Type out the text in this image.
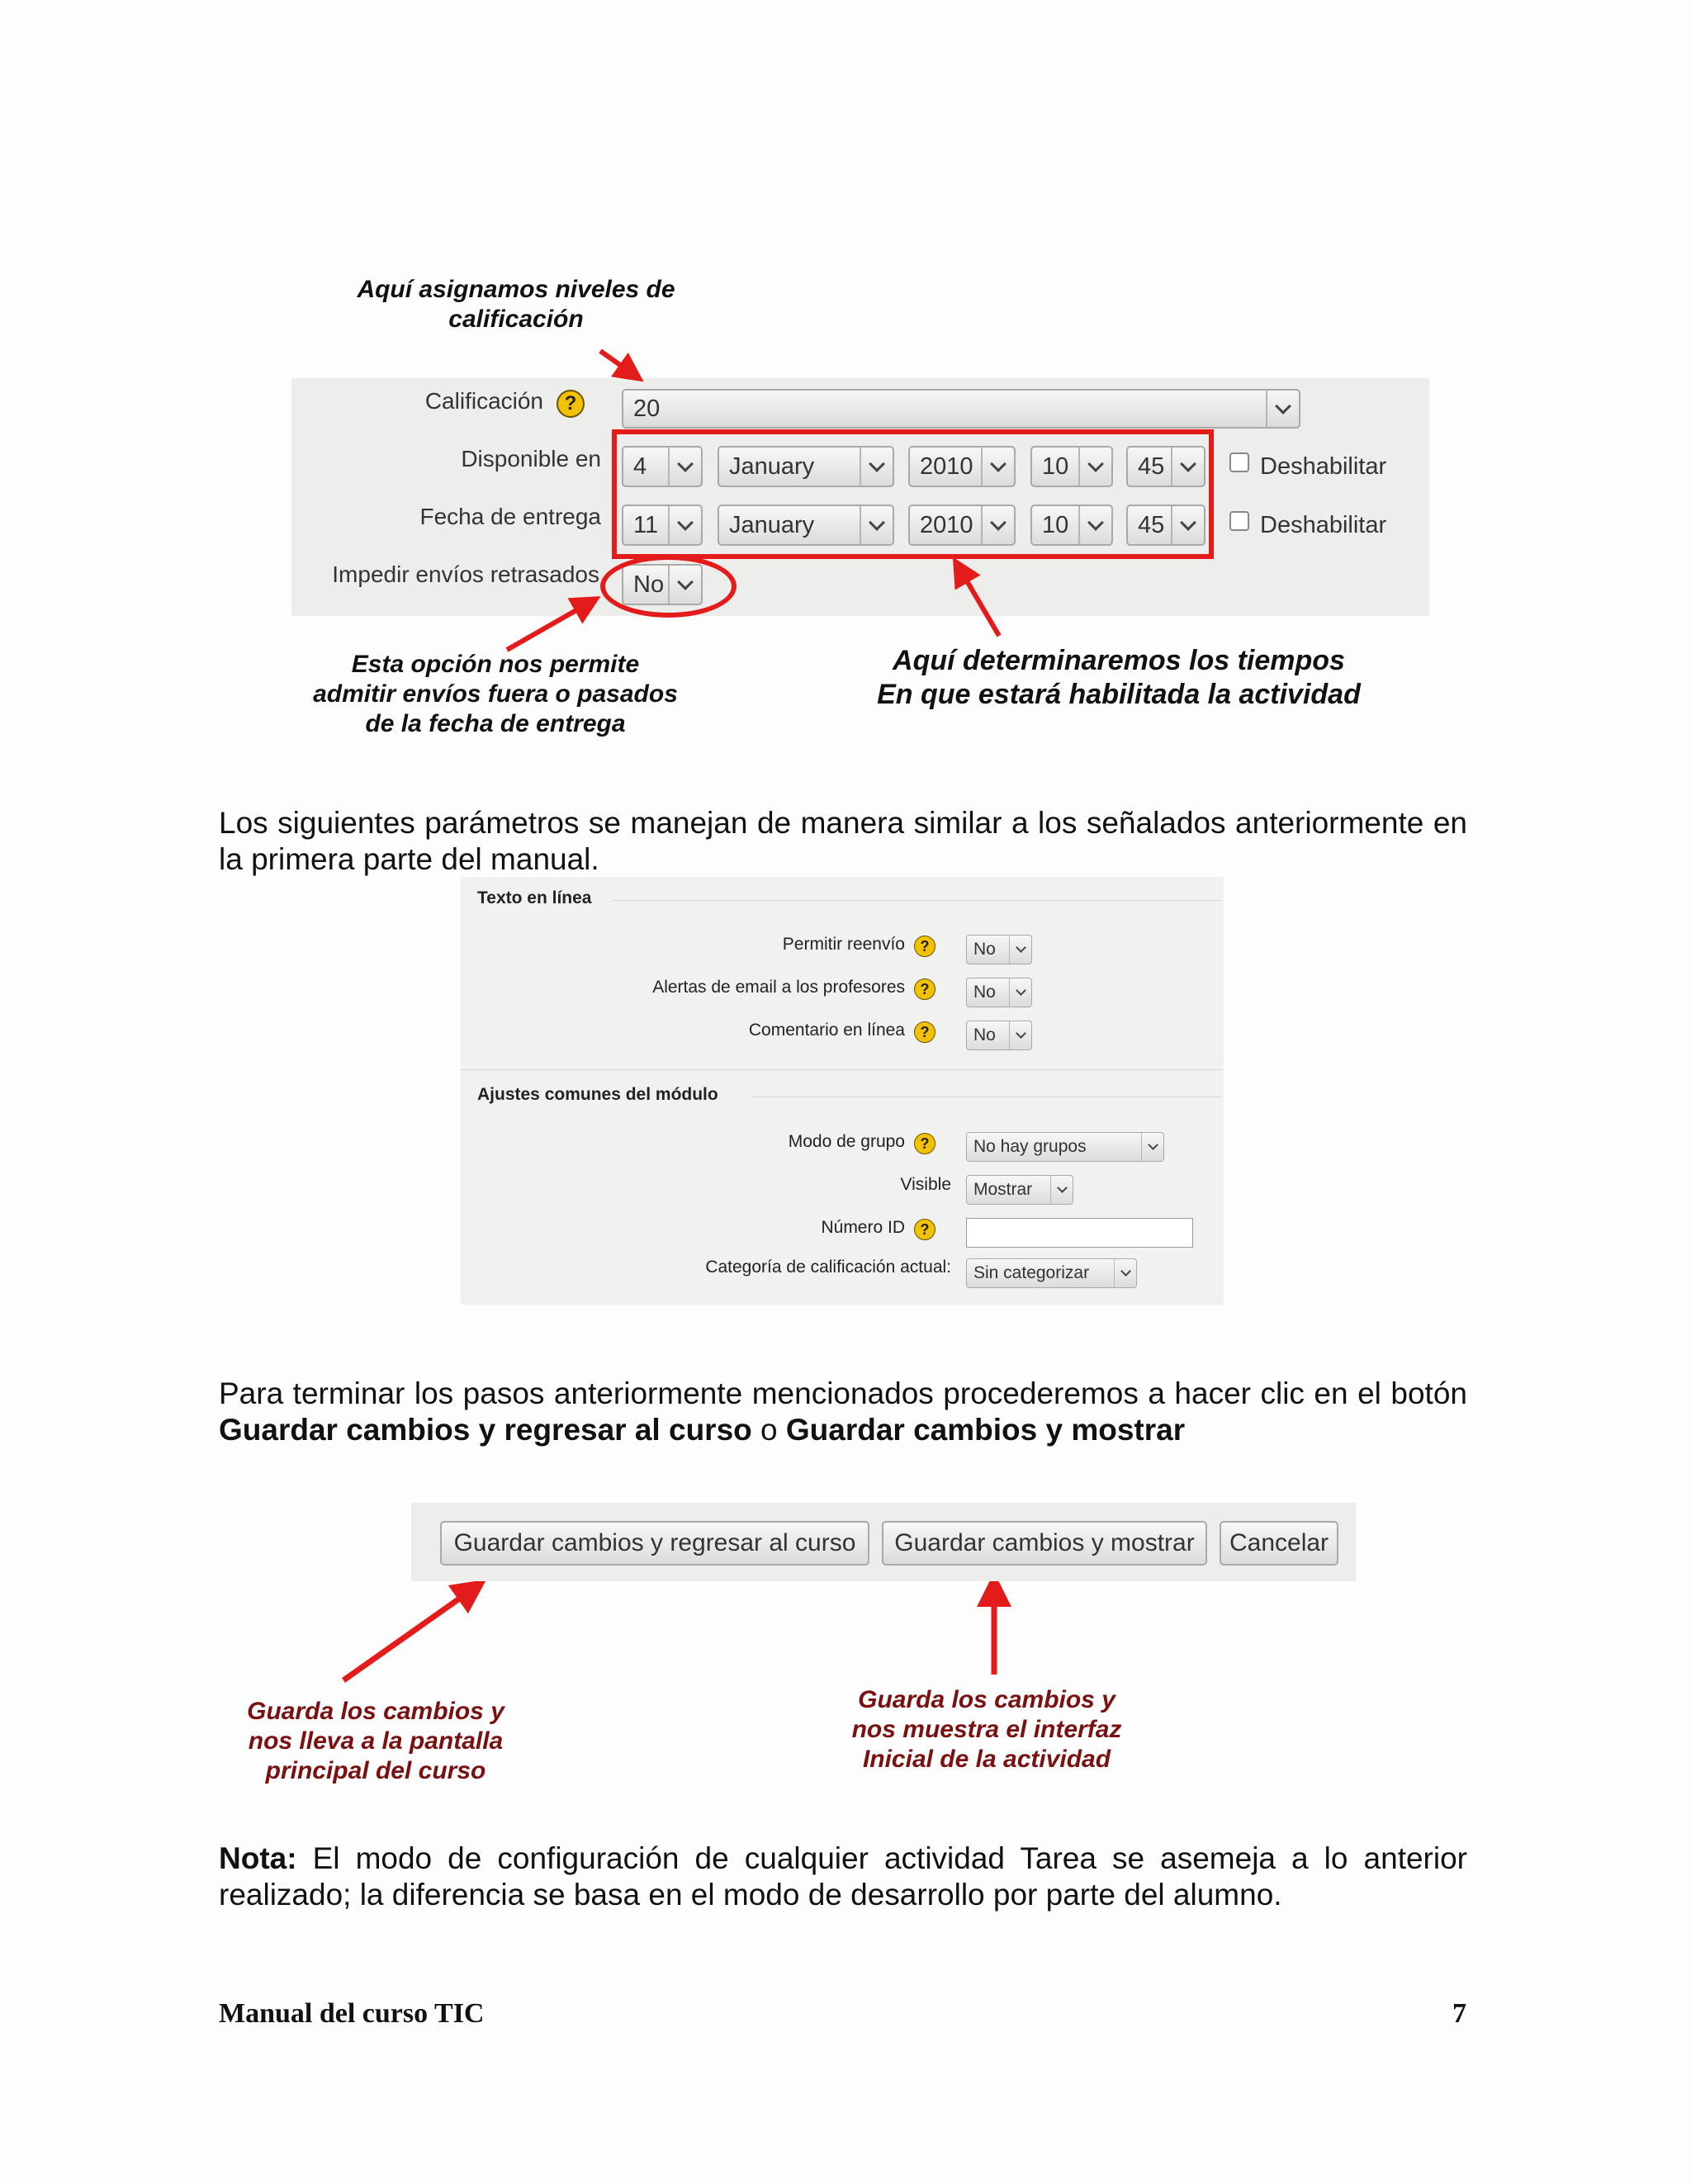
Aquí asignamos niveles de
calificación
Calificación ?	20
Disponible en	4	January	2010	10	45	Deshabilitar
Fecha de entrega	11	January	2010	10	45	Deshabilitar
Impedir envíos retrasados	No
Esta opción nos permite
admitir envíos fuera o pasados
de la fecha de entrega
Aquí determinaremos los tiempos
En que estará habilitada la actividad
Los siguientes parámetros se manejan de manera similar a los señalados anteriormente en la primera parte del manual.
Texto en línea
Permitir reenvío	?	No
Alertas de email a los profesores	?	No
Comentario en línea	?	No
Ajustes comunes del módulo
Modo de grupo	?	No hay grupos
Visible	Mostrar
Número ID	?
Categoría de calificación actual:	Sin categorizar
Para terminar los pasos anteriormente mencionados procederemos a hacer clic en el botón Guardar cambios y regresar al curso o Guardar cambios y mostrar
Guardar cambios y regresar al curso	Guardar cambios y mostrar	Cancelar
Guarda los cambios y
nos lleva a la pantalla
principal del curso
Guarda los cambios y
nos muestra el interfaz
Inicial de la actividad
Nota: El modo de configuración de cualquier actividad Tarea se asemeja a lo anterior realizado; la diferencia se basa en el modo de desarrollo por parte del alumno.
Manual del curso TIC	7
